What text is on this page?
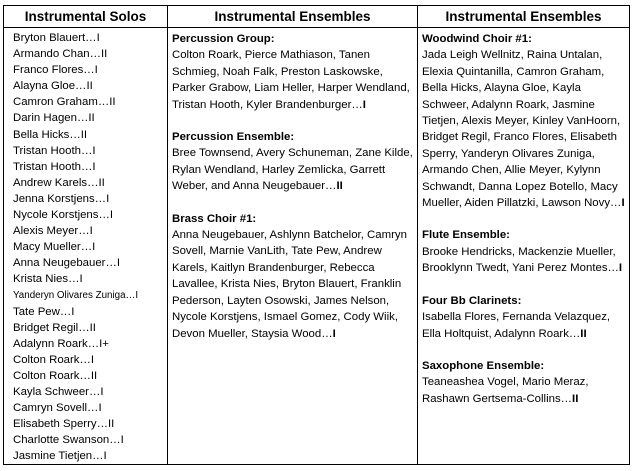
Instrumental Solos	Instrumental Ensembles	Instrumental Ensembles
Bryton Blauert…I
Armando Chan…II
Franco Flores…I
Alayna Gloe…II
Camron Graham…II
Darin Hagen…II
Bella Hicks…II
Tristan Hooth…I
Tristan Hooth…I
Andrew Karels…II
Jenna Korstjens…I
Nycole Korstjens…I
Alexis Meyer…I
Macy Mueller…I
Anna Neugebauer…I
Krista Nies…I
Yanderyn Olivares Zuniga…I
Tate Pew…I
Bridget Regil…II
Adalynn Roark…I+
Colton Roark…I
Colton Roark…II
Kayla Schweer…I
Camryn Sovell…I
Elisabeth Sperry…II
Charlotte Swanson…I
Jasmine Tietjen…I
Percussion Group:
Colton Roark, Pierce Mathiason, Tanen Schmieg, Noah Falk, Preston Laskowske, Parker Grabow, Liam Heller, Harper Wendland, Tristan Hooth, Kyler Brandenburger…I
Percussion Ensemble:
Bree Townsend, Avery Schuneman, Zane Kilde, Rylan Wendland, Harley Zemlicka, Garrett Weber, and Anna Neugebauer…II
Brass Choir #1:
Anna Neugebauer, Ashlynn Batchelor, Camryn Sovell, Marnie VanLith, Tate Pew, Andrew Karels, Kaitlyn Brandenburger, Rebecca Lavallee, Krista Nies, Bryton Blauert, Franklin Pederson, Layten Osowski, James Nelson, Nycole Korstjens, Ismael Gomez, Cody Wiik, Devon Mueller, Staysia Wood…I
Woodwind Choir #1:
Jada Leigh Wellnitz, Raina Untalan, Elexia Quintanilla, Camron Graham, Bella Hicks, Alayna Gloe, Kayla Schweer, Adalynn Roark, Jasmine Tietjen, Alexis Meyer, Kinley VanHoorn, Bridget Regil, Franco Flores, Elisabeth Sperry, Yanderyn Olivares Zuniga, Armando Chen, Allie Meyer, Kylynn Schwandt, Danna Lopez Botello, Macy Mueller, Aiden Pillatzki, Lawson Novy…I
Flute Ensemble:
Brooke Hendricks, Mackenzie Mueller, Brooklynn Twedt, Yani Perez Montes…I
Four Bb Clarinets:
Isabella Flores, Fernanda Velazquez, Ella Holtquist, Adalynn Roark…II
Saxophone Ensemble:
Teaneashea Vogel, Mario Meraz, Rashawn Gertsema-Collins…II
